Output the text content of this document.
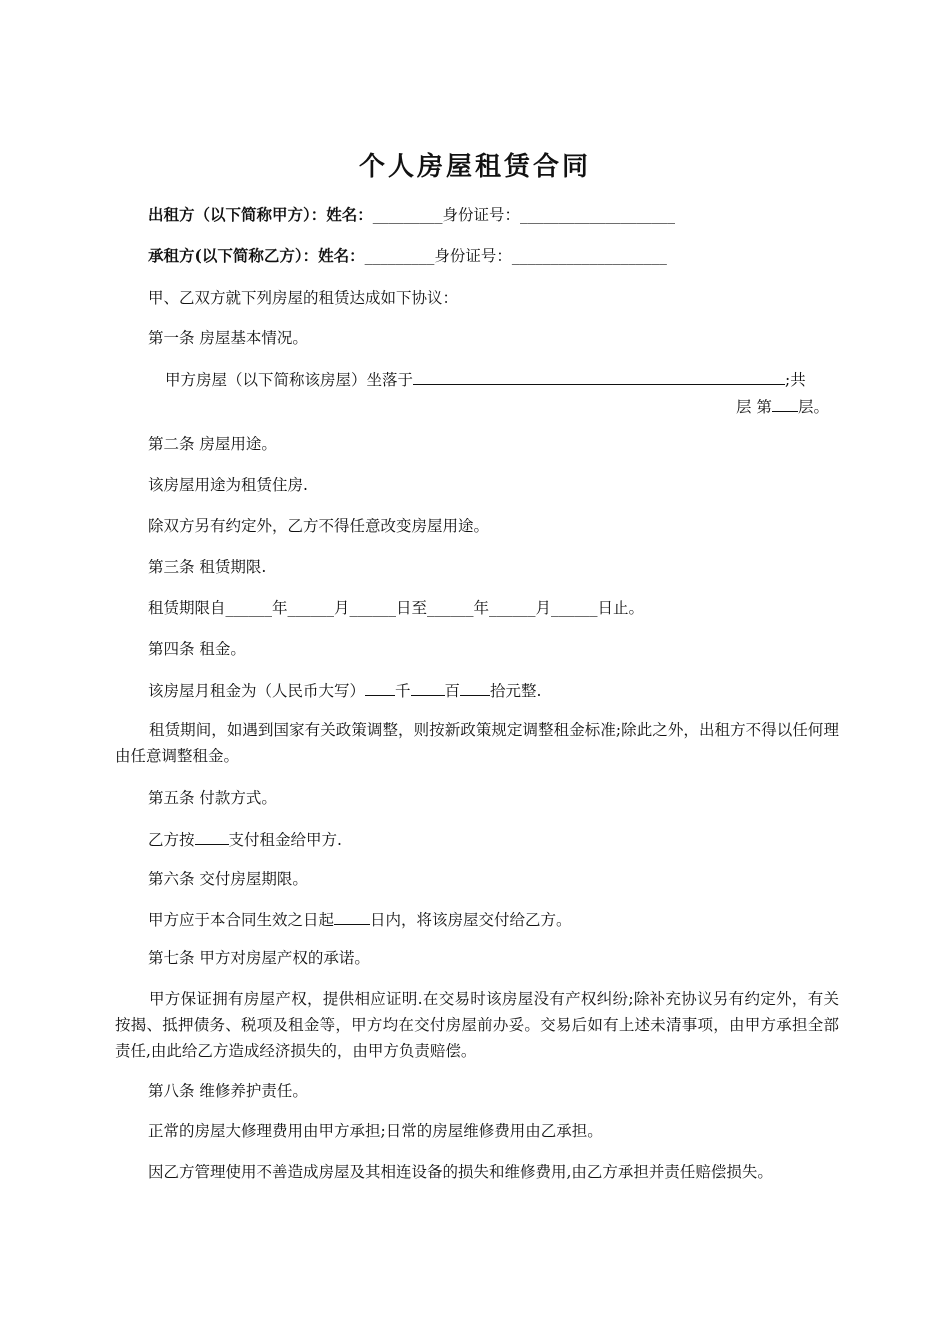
个人房屋租赁合同
出租方（以下简称甲方）：姓名：_________身份证号：____________________
承租方(以下简称乙方）：姓名：_________身份证号：____________________
甲、乙双方就下列房屋的租赁达成如下协议：
第一条 房屋基本情况。
甲方房屋（以下简称该房屋）坐落于	;共
层 第 层。
第二条 房屋用途。
该房屋用途为租赁住房.
除双方另有约定外，乙方不得任意改变房屋用途。
第三条 租赁期限.
租赁期限自______年______月______日至______年______月______日止。
第四条 租金。
该房屋月租金为（人民币大写） 千 百 拾元整.
租赁期间，如遇到国家有关政策调整，则按新政策规定调整租金标准;除此之外，出租方不得以任何理由任意调整租金。
第五条 付款方式。
乙方按 支付租金给甲方.
第六条 交付房屋期限。
甲方应于本合同生效之日起 日内，将该房屋交付给乙方。
第七条 甲方对房屋产权的承诺。
甲方保证拥有房屋产权，提供相应证明.在交易时该房屋没有产权纠纷;除补充协议另有约定外，有关按揭、抵押债务、税项及租金等，甲方均在交付房屋前办妥。交易后如有上述未清事项，由甲方承担全部责任,由此给乙方造成经济损失的，由甲方负责赔偿。
第八条 维修养护责任。
正常的房屋大修理费用由甲方承担;日常的房屋维修费用由乙承担。
因乙方管理使用不善造成房屋及其相连设备的损失和维修费用,由乙方承担并责任赔偿损失。
